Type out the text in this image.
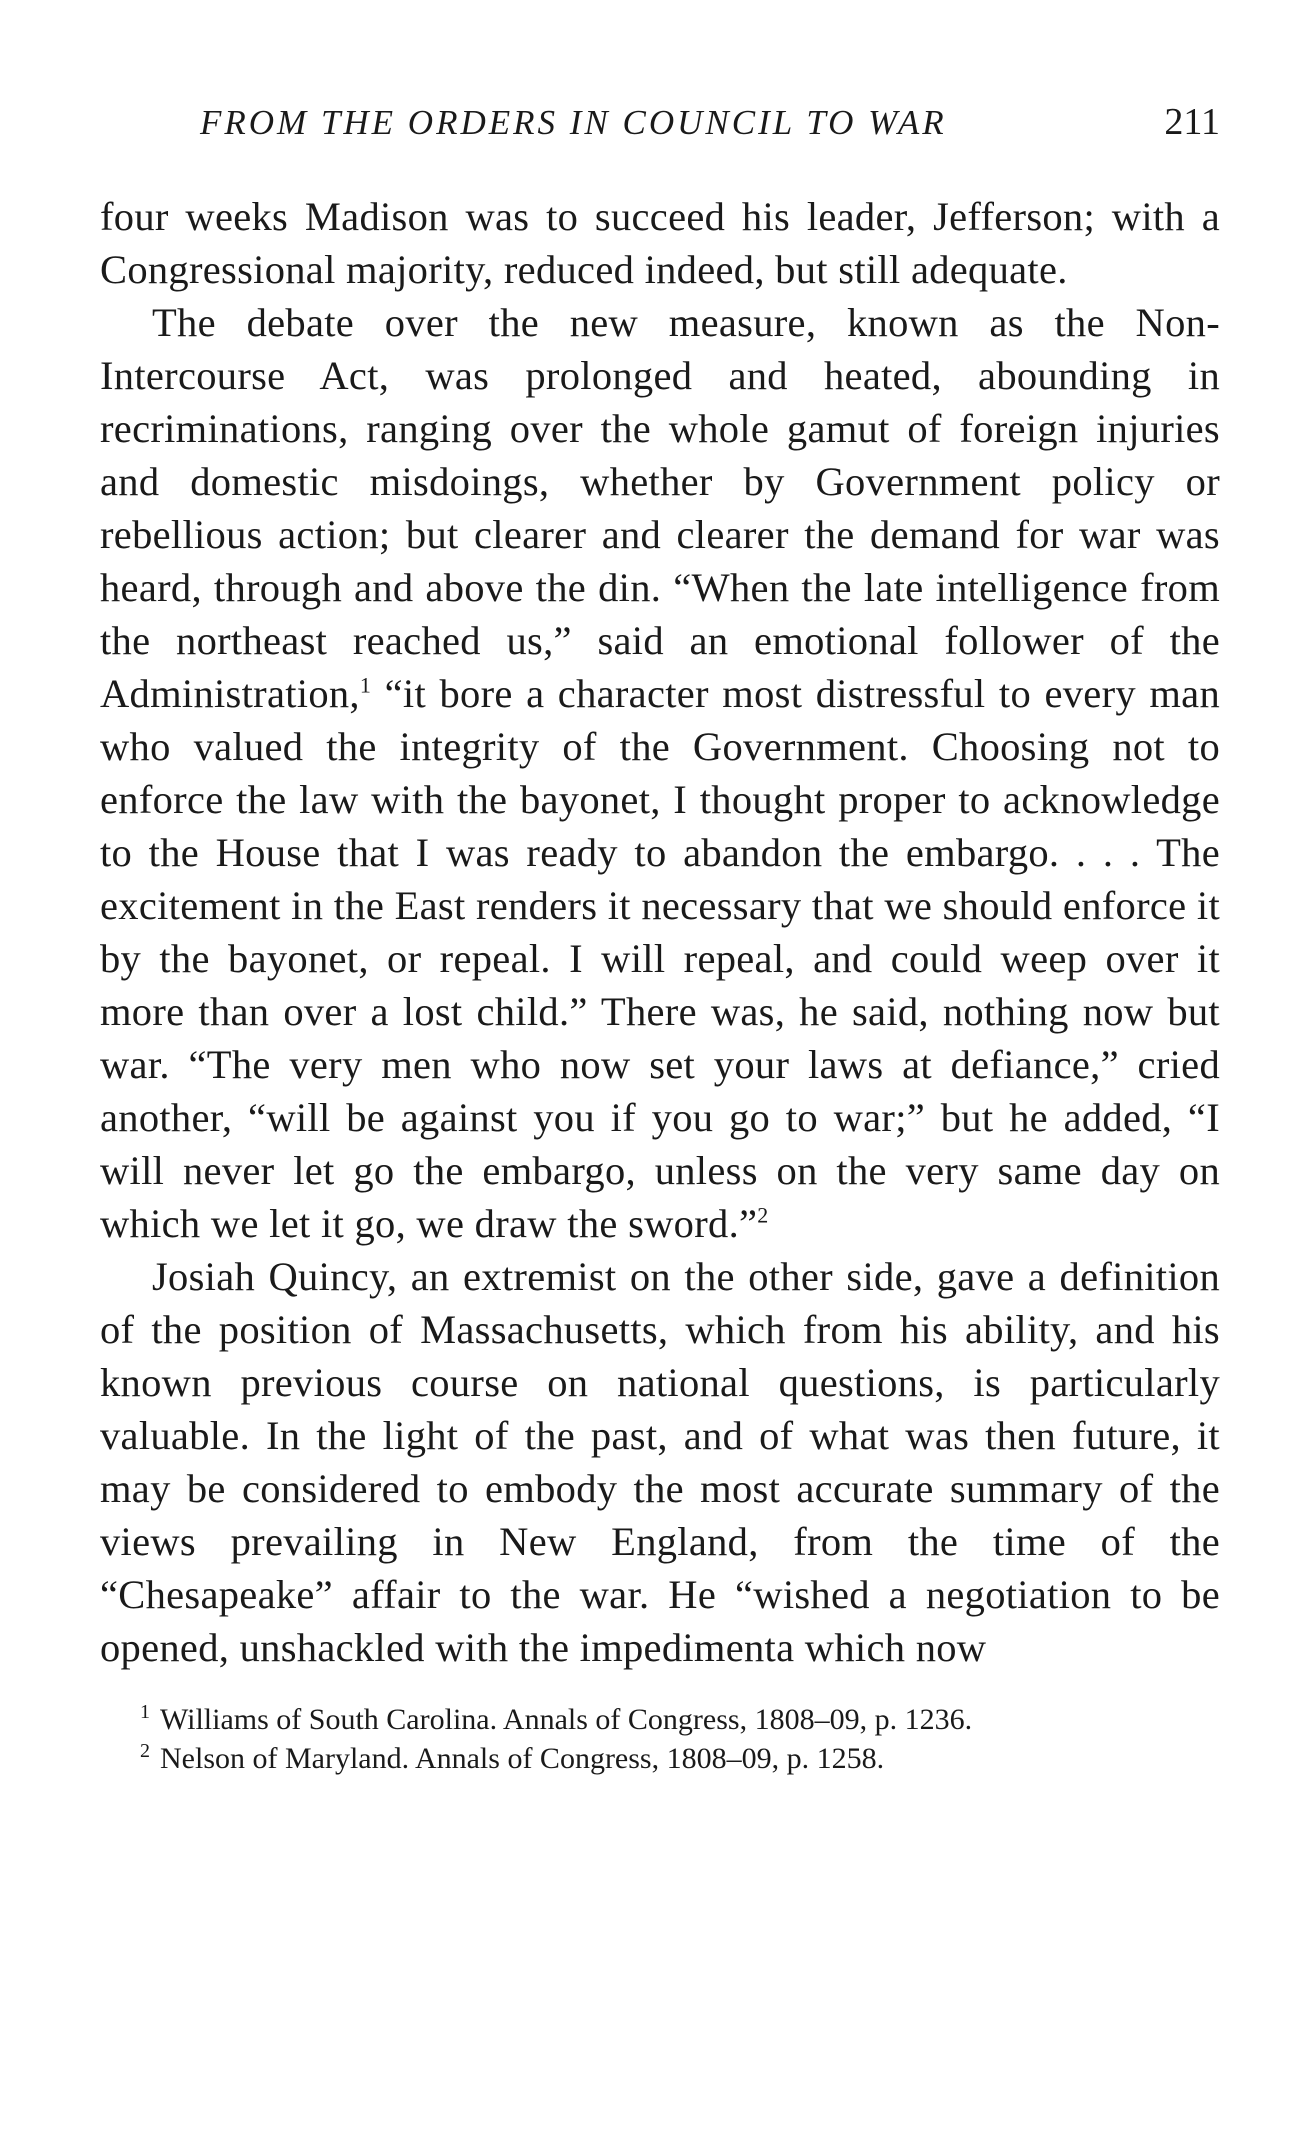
FROM THE ORDERS IN COUNCIL TO WAR	211

four weeks Madison was to succeed his leader, Jefferson; with a Congressional majority, reduced indeed, but still adequate.

The debate over the new measure, known as the Non-Intercourse Act, was prolonged and heated, abounding in recriminations, ranging over the whole gamut of foreign injuries and domestic misdoings, whether by Government policy or rebellious action; but clearer and clearer the demand for war was heard, through and above the din. “When the late intelligence from the northeast reached us,” said an emotional follower of the Administration,$^1$ “it bore a character most distressful to every man who valued the integrity of the Government. Choosing not to enforce the law with the bayonet, I thought proper to acknowledge to the House that I was ready to abandon the embargo. . . . The excitement in the East renders it necessary that we should enforce it by the bayonet, or repeal. I will repeal, and could weep over it more than over a lost child.” There was, he said, nothing now but war. “The very men who now set your laws at defiance,” cried another, “will be against you if you go to war;” but he added, “I will never let go the embargo, unless on the very same day on which we let it go, we draw the sword.”$^2$

Josiah Quincy, an extremist on the other side, gave a definition of the position of Massachusetts, which from his ability, and his known previous course on national questions, is particularly valuable. In the light of the past, and of what was then future, it may be considered to embody the most accurate summary of the views prevailing in New England, from the time of the “Chesapeake” affair to the war. He “wished a negotiation to be opened, unshackled with the impedimenta which now

$^1$ Williams of South Carolina. Annals of Congress, 1808–09, p. 1236.
$^2$ Nelson of Maryland. Annals of Congress, 1808–09, p. 1258.
